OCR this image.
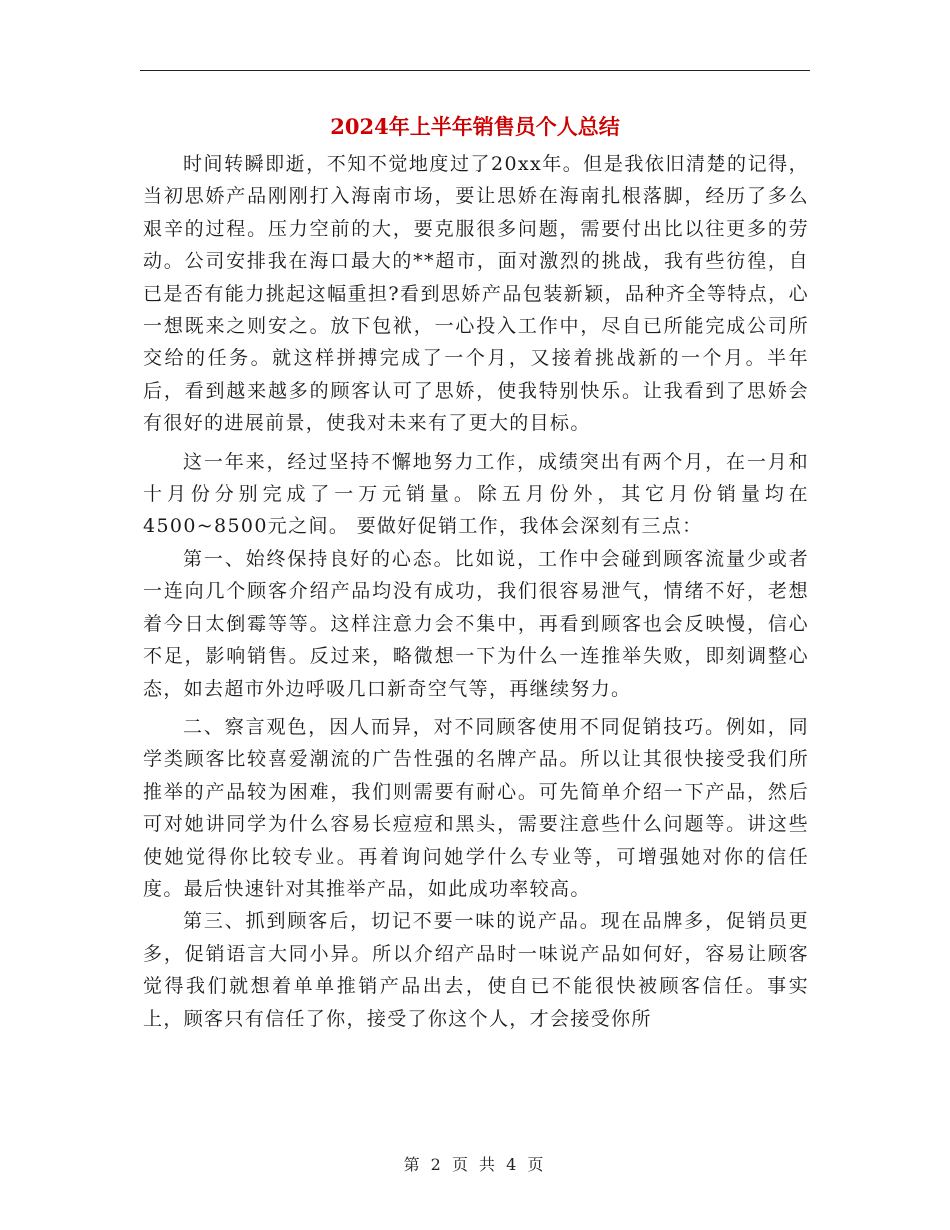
2024年上半年销售员个人总结

时间转瞬即逝，不知不觉地度过了20xx年。但是我依旧清楚的记得，当初思娇产品刚刚打入海南市场，要让思娇在海南扎根落脚，经历了多么艰辛的过程。压力空前的大，要克服很多问题，需要付出比以往更多的劳动。公司安排我在海口最大的**超市，面对激烈的挑战，我有些彷徨，自已是否有能力挑起这幅重担?看到思娇产品包装新颖，品种齐全等特点，心一想既来之则安之。放下包袱，一心投入工作中，尽自已所能完成公司所交给的任务。就这样拼搏完成了一个月，又接着挑战新的一个月。半年后，看到越来越多的顾客认可了思娇，使我特别快乐。让我看到了思娇会有很好的进展前景，使我对未来有了更大的目标。

这一年来，经过坚持不懈地努力工作，成绩突出有两个月，在一月和十月份分别完成了一万元销量。除五月份外，其它月份销量均在4500~8500元之间。 要做好促销工作，我体会深刻有三点：

第一、始终保持良好的心态。比如说，工作中会碰到顾客流量少或者一连向几个顾客介绍产品均没有成功，我们很容易泄气，情绪不好，老想着今日太倒霉等等。这样注意力会不集中，再看到顾客也会反映慢，信心不足，影响销售。反过来，略微想一下为什么一连推举失败，即刻调整心态，如去超市外边呼吸几口新奇空气等，再继续努力。

二、察言观色，因人而异，对不同顾客使用不同促销技巧。例如，同学类顾客比较喜爱潮流的广告性强的名牌产品。所以让其很快接受我们所推举的产品较为困难，我们则需要有耐心。可先简单介绍一下产品，然后可对她讲同学为什么容易长痘痘和黑头，需要注意些什么问题等。讲这些使她觉得你比较专业。再着询问她学什么专业等，可增强她对你的信任度。最后快速针对其推举产品，如此成功率较高。

第三、抓到顾客后，切记不要一味的说产品。现在品牌多，促销员更多，促销语言大同小异。所以介绍产品时一味说产品如何好，容易让顾客觉得我们就想着单单推销产品出去，使自已不能很快被顾客信任。事实上，顾客只有信任了你，接受了你这个人，才会接受你所

第 2 页 共 4 页
